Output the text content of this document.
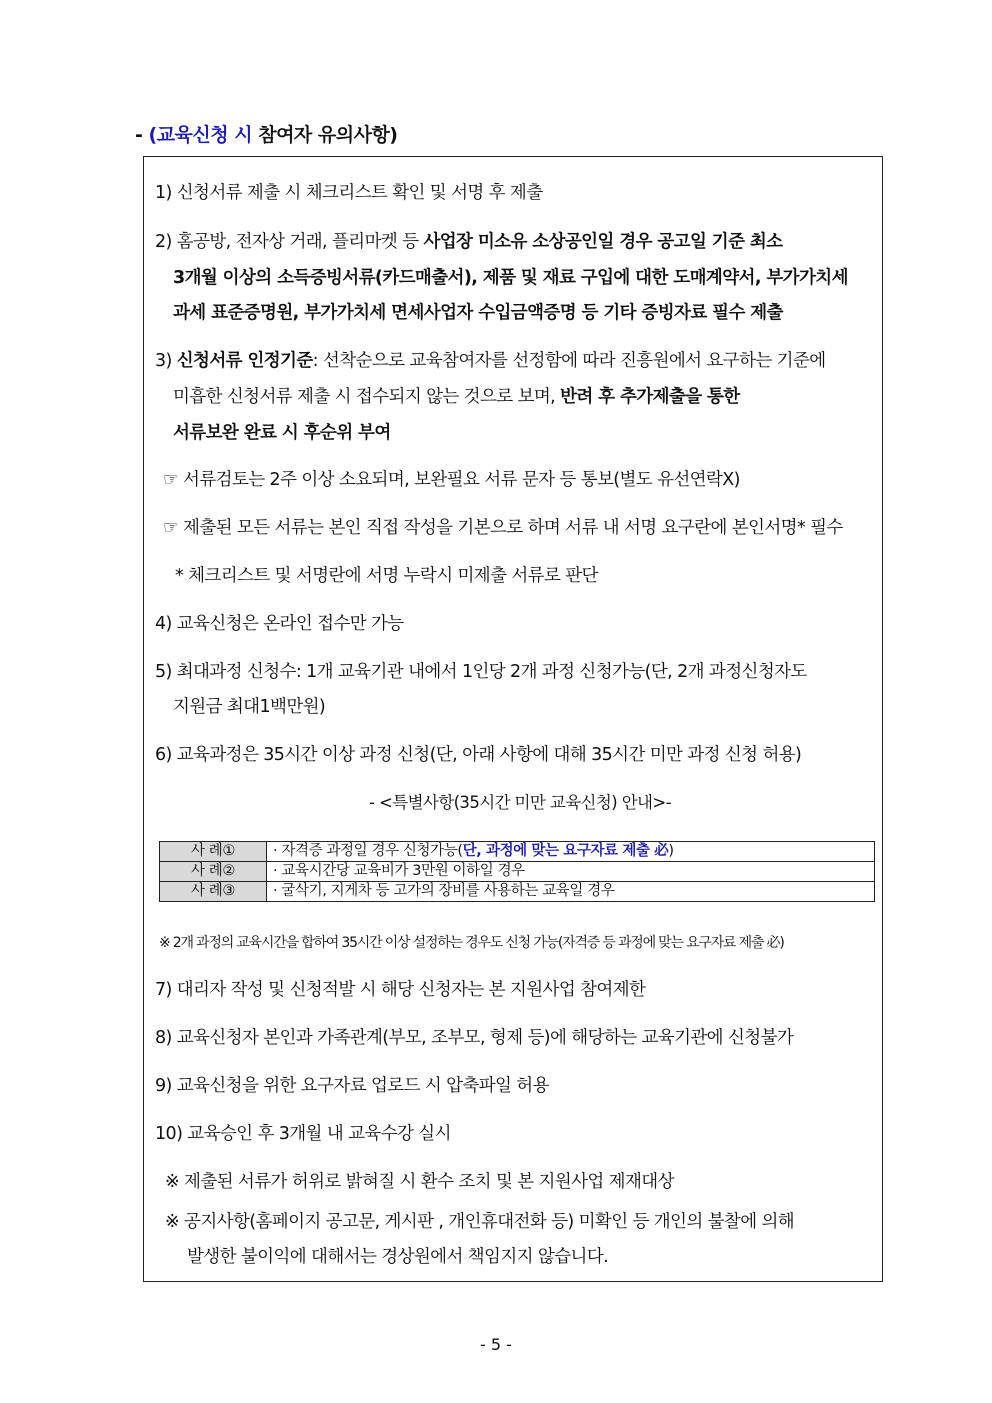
- (교육신청 시 참여자 유의사항)
1) 신청서류 제출 시 체크리스트 확인 및 서명 후 제출
2) 홈공방, 전자상 거래, 플리마켓 등 사업장 미소유 소상공인일 경우 공고일 기준 최소
3개월 이상의 소득증빙서류(카드매출서), 제품 및 재료 구입에 대한 도매계약서, 부가가치세
과세 표준증명원, 부가가치세 면세사업자 수입금액증명 등 기타 증빙자료 필수 제출
3) 신청서류 인정기준: 선착순으로 교육참여자를 선정함에 따라 진흥원에서 요구하는 기준에
미흡한 신청서류 제출 시 접수되지 않는 것으로 보며, 반려 후 추가제출을 통한
서류보완 완료 시 후순위 부여
☞ 서류검토는 2주 이상 소요되며, 보완필요 서류 문자 등 통보(별도 유선연락X)
☞ 제출된 모든 서류는 본인 직접 작성을 기본으로 하며 서류 내 서명 요구란에 본인서명* 필수
* 체크리스트 및 서명란에 서명 누락시 미제출 서류로 판단
4) 교육신청은 온라인 접수만 가능
5) 최대과정 신청수: 1개 교육기관 내에서 1인당 2개 과정 신청가능(단, 2개 과정신청자도
지원금 최대1백만원)
6) 교육과정은 35시간 이상 과정 신청(단, 아래 사항에 대해 35시간 미만 과정 신청 허용)
- <특별사항(35시간 미만 교육신청) 안내>-
사 례①	· 자격증 과정일 경우 신청가능(단, 과정에 맞는 요구자료 제출 必)
사 례②	· 교육시간당 교육비가 3만원 이하일 경우
사 례③	· 굴삭기, 지게차 등 고가의 장비를 사용하는 교육일 경우
※ 2개 과정의 교육시간을 합하여 35시간 이상 설정하는 경우도 신청 가능(자격증 등 과정에 맞는 요구자료 제출 必)
7) 대리자 작성 및 신청적발 시 해당 신청자는 본 지원사업 참여제한
8) 교육신청자 본인과 가족관계(부모, 조부모, 형제 등)에 해당하는 교육기관에 신청불가
9) 교육신청을 위한 요구자료 업로드 시 압축파일 허용
10) 교육승인 후 3개월 내 교육수강 실시
※ 제출된 서류가 허위로 밝혀질 시 환수 조치 및 본 지원사업 제재대상
※ 공지사항(홈페이지 공고문, 게시판 , 개인휴대전화 등) 미확인 등 개인의 불찰에 의해
발생한 불이익에 대해서는 경상원에서 책임지지 않습니다.
- 5 -
